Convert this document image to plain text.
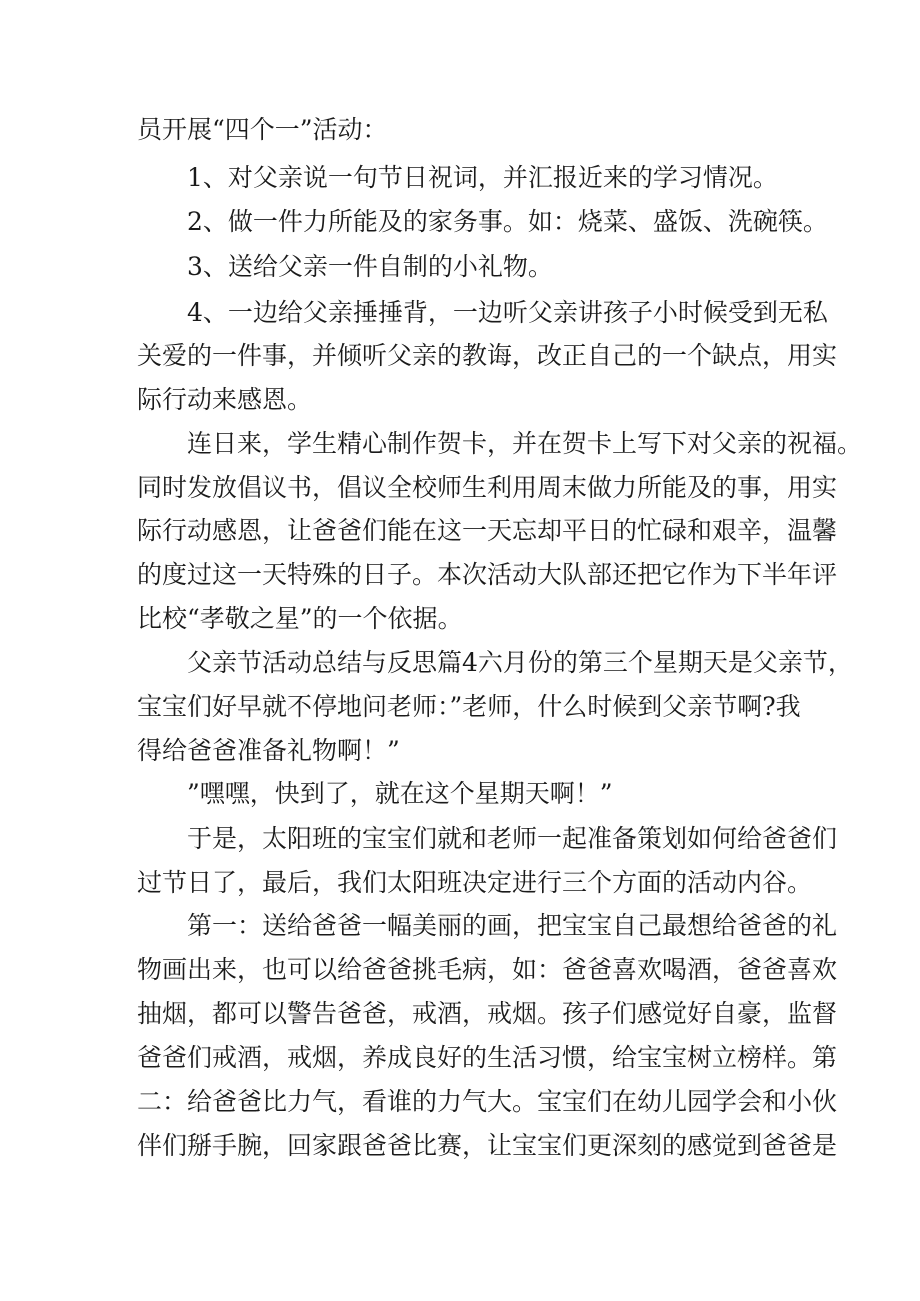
员开展“四个一”活动：
1、对父亲说一句节日祝词，并汇报近来的学习情况。
2、做一件力所能及的家务事。如：烧菜、盛饭、洗碗筷。
3、送给父亲一件自制的小礼物。
4、一边给父亲捶捶背，一边听父亲讲孩子小时候受到无私
关爱的一件事，并倾听父亲的教诲，改正自己的一个缺点，用实
际行动来感恩。
连日来，学生精心制作贺卡，并在贺卡上写下对父亲的祝福。
同时发放倡议书，倡议全校师生利用周末做力所能及的事，用实
际行动感恩，让爸爸们能在这一天忘却平日的忙碌和艰辛，温馨
的度过这一天特殊的日子。本次活动大队部还把它作为下半年评
比校“孝敬之星”的一个依据。
父亲节活动总结与反思篇4六月份的第三个星期天是父亲节，
宝宝们好早就不停地问老师：”老师，什么时候到父亲节啊?我
得给爸爸准备礼物啊！”
”嘿嘿，快到了，就在这个星期天啊！”
于是，太阳班的宝宝们就和老师一起准备策划如何给爸爸们
过节日了，最后，我们太阳班决定进行三个方面的活动内谷。
第一：送给爸爸一幅美丽的画，把宝宝自己最想给爸爸的礼
物画出来，也可以给爸爸挑毛病，如：爸爸喜欢喝酒，爸爸喜欢
抽烟，都可以警告爸爸，戒酒，戒烟。孩子们感觉好自豪，监督
爸爸们戒酒，戒烟，养成良好的生活习惯，给宝宝树立榜样。第
二：给爸爸比力气，看谁的力气大。宝宝们在幼儿园学会和小伙
伴们掰手腕，回家跟爸爸比赛，让宝宝们更深刻的感觉到爸爸是
